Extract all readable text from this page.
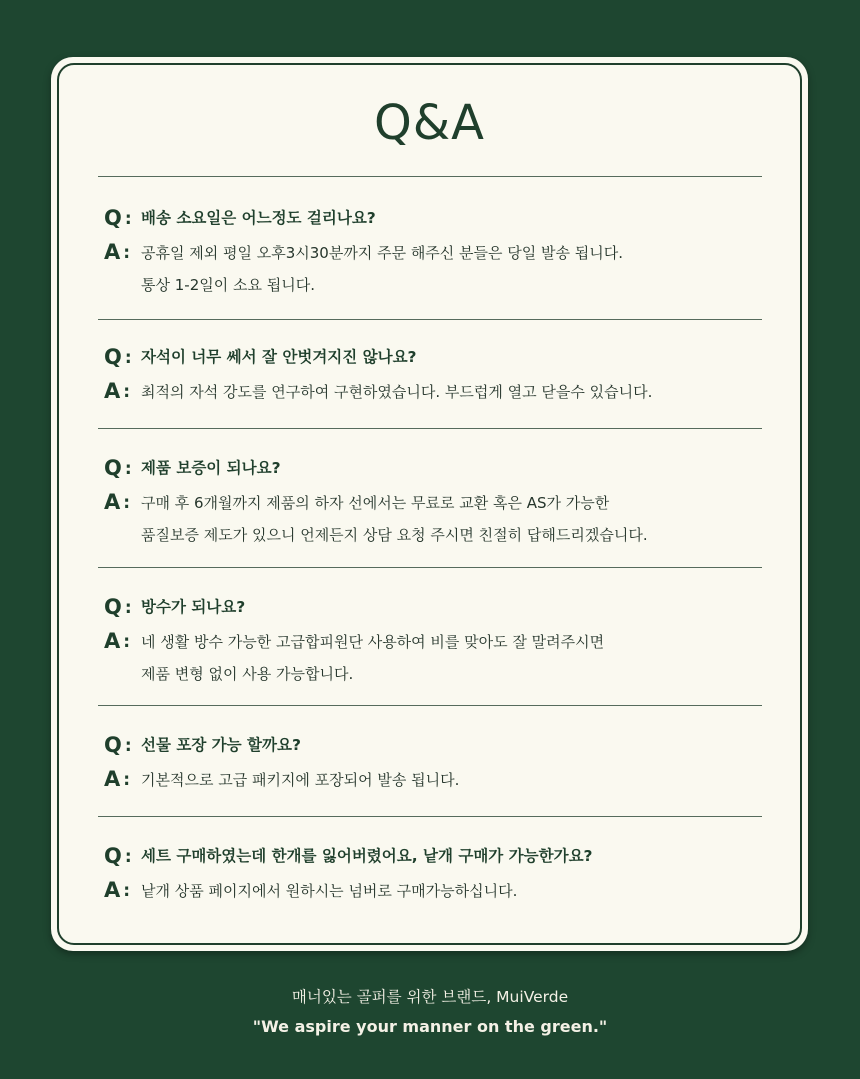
Q&A
Q : 배송 소요일은 어느정도 걸리나요?
A : 공휴일 제외 평일 오후3시30분까지 주문 해주신 분들은 당일 발송 됩니다.
통상 1-2일이 소요 됩니다.
Q : 자석이 너무 쎄서 잘 안벗겨지진 않나요?
A : 최적의 자석 강도를 연구하여 구현하였습니다. 부드럽게 열고 닫을수 있습니다.
Q : 제품 보증이 되나요?
A : 구매 후 6개월까지 제품의 하자 선에서는 무료로 교환 혹은 AS가 가능한
품질보증 제도가 있으니 언제든지 상담 요청 주시면 친절히 답해드리겠습니다.
Q : 방수가 되나요?
A : 네 생활 방수 가능한 고급합피원단 사용하여 비를 맞아도 잘 말려주시면
제품 변형 없이 사용 가능합니다.
Q : 선물 포장 가능 할까요?
A : 기본적으로 고급 패키지에 포장되어 발송 됩니다.
Q : 세트 구매하였는데 한개를 잃어버렸어요, 낱개 구매가 가능한가요?
A : 낱개 상품 페이지에서 원하시는 넘버로 구매가능하십니다.
매너있는 골퍼를 위한 브랜드, MuiVerde
"We aspire your manner on the green."
